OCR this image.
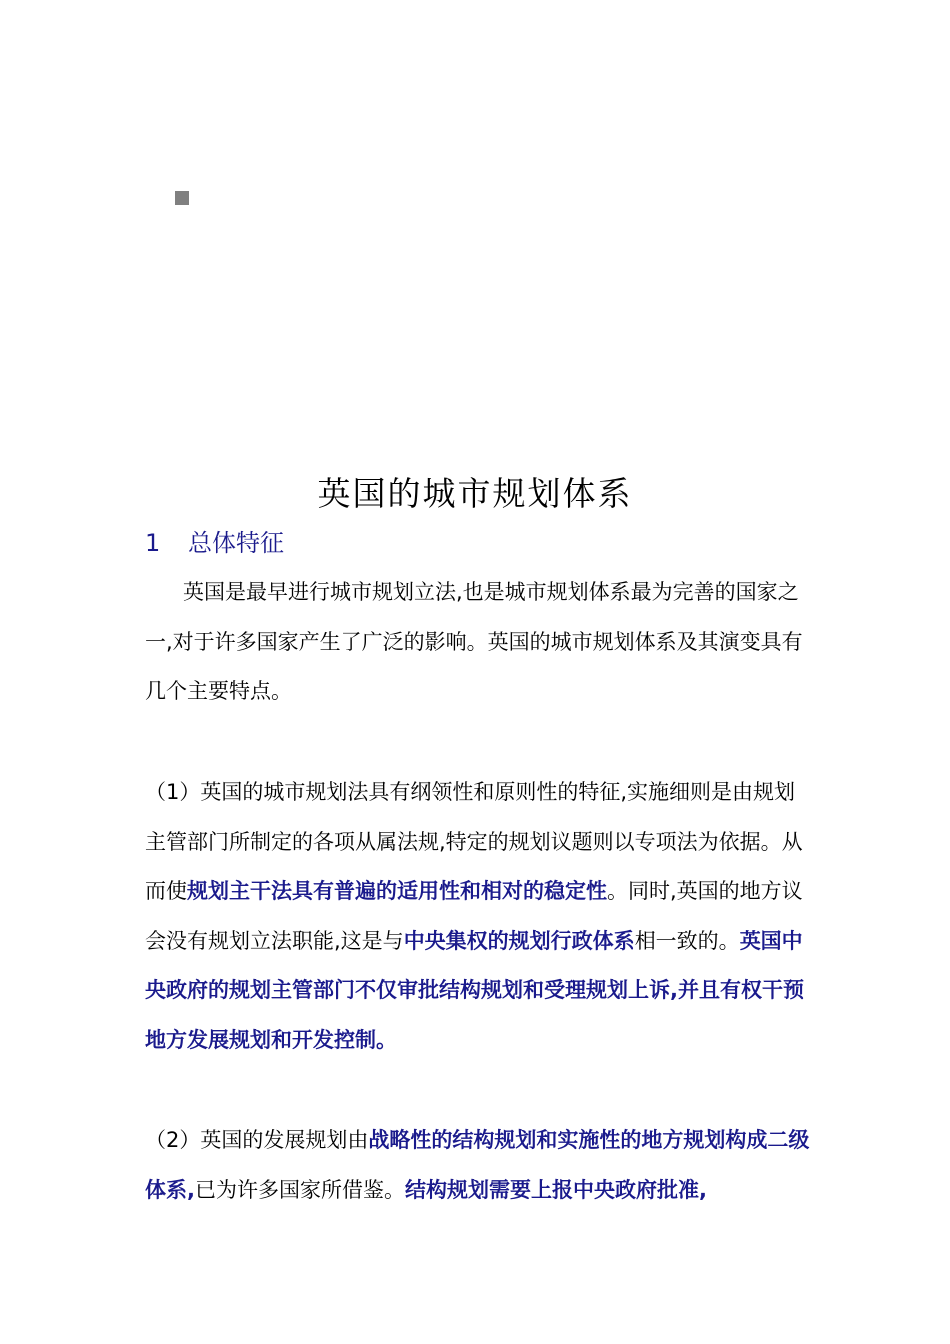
英国的城市规划体系
1 总体特征

英国是最早进行城市规划立法,也是城市规划体系最为完善的国家之一,对于许多国家产生了广泛的影响。英国的城市规划体系及其演变具有几个主要特点。

（1）英国的城市规划法具有纲领性和原则性的特征,实施细则是由规划主管部门所制定的各项从属法规,特定的规划议题则以专项法为依据。从而使规划主干法具有普遍的适用性和相对的稳定性。同时,英国的地方议会没有规划立法职能,这是与中央集权的规划行政体系相一致的。英国中央政府的规划主管部门不仅审批结构规划和受理规划上诉,并且有权干预地方发展规划和开发控制。

（2）英国的发展规划由战略性的结构规划和实施性的地方规划构成二级体系,已为许多国家所借鉴。结构规划需要上报中央政府批准,
